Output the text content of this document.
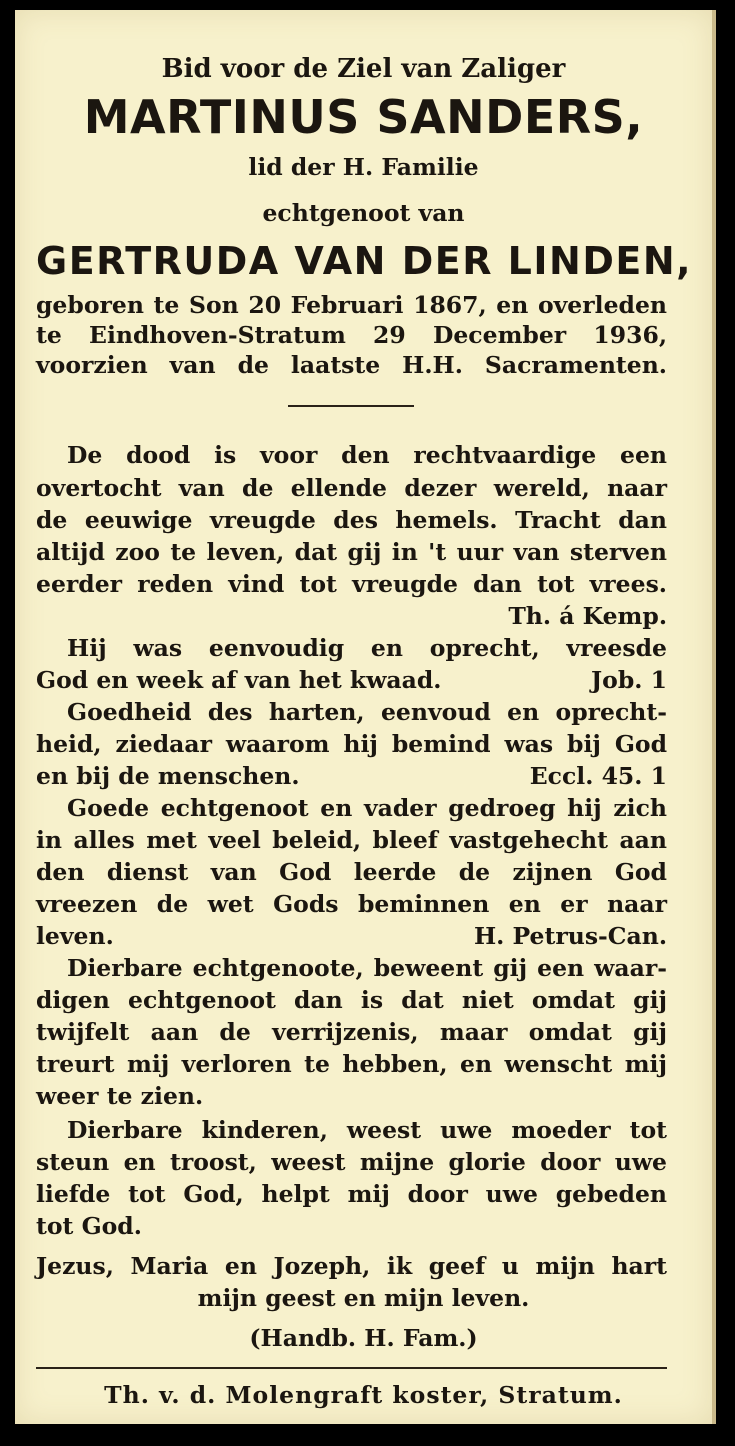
Bid voor de Ziel van Zaliger
MARTINUS SANDERS,
lid der H. Familie
echtgenoot van
GERTRUDA VAN DER LINDEN,
geboren te Son 20 Februari 1867, en overleden
te Eindhoven-Stratum 29 December 1936,
voorzien van de laatste H.H. Sacramenten.
De dood is voor den rechtvaardige een
overtocht van de ellende dezer wereld, naar
de eeuwige vreugde des hemels. Tracht dan
altijd zoo te leven, dat gij in 't uur van sterven
eerder reden vind tot vreugde dan tot vrees.
Th. á Kemp.
Hij was eenvoudig en oprecht, vreesde
God en week af van het kwaad.	Job. 1
Goedheid des harten, eenvoud en oprecht-
heid, ziedaar waarom hij bemind was bij God
en bij de menschen.	Eccl. 45. 1
Goede echtgenoot en vader gedroeg hij zich
in alles met veel beleid, bleef vastgehecht aan
den dienst van God leerde de zijnen God
vreezen de wet Gods beminnen en er naar
leven.	H. Petrus-Can.
Dierbare echtgenoote, beweent gij een waar-
digen echtgenoot dan is dat niet omdat gij
twijfelt aan de verrijzenis, maar omdat gij
treurt mij verloren te hebben, en wenscht mij
weer te zien.
Dierbare kinderen, weest uwe moeder tot
steun en troost, weest mijne glorie door uwe
liefde tot God, helpt mij door uwe gebeden
tot God.
Jezus, Maria en Jozeph, ik geef u mijn hart
mijn geest en mijn leven.
(Handb. H. Fam.)
Th. v. d. Molengraft koster, Stratum.
